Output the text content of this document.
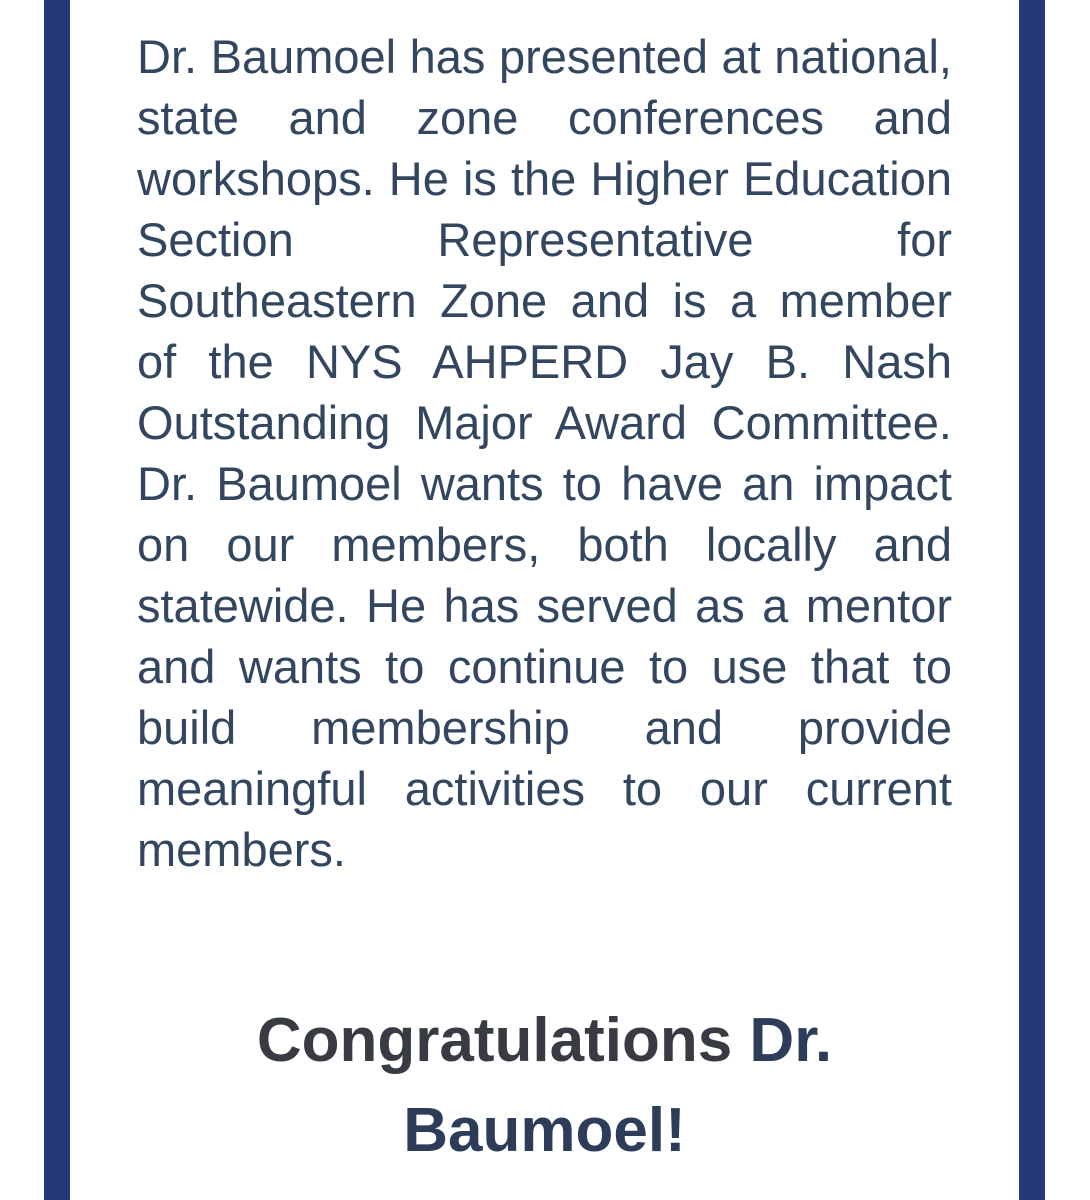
Dr. Baumoel has presented at national, state and zone conferences and workshops. He is the Higher Education Section Representative for Southeastern Zone and is a member of the NYS AHPERD Jay B. Nash Outstanding Major Award Committee. Dr. Baumoel wants to have an impact on our members, both locally and statewide. He has served as a mentor and wants to continue to use that to build membership and provide meaningful activities to our current members.

Congratulations Dr. Baumoel!
